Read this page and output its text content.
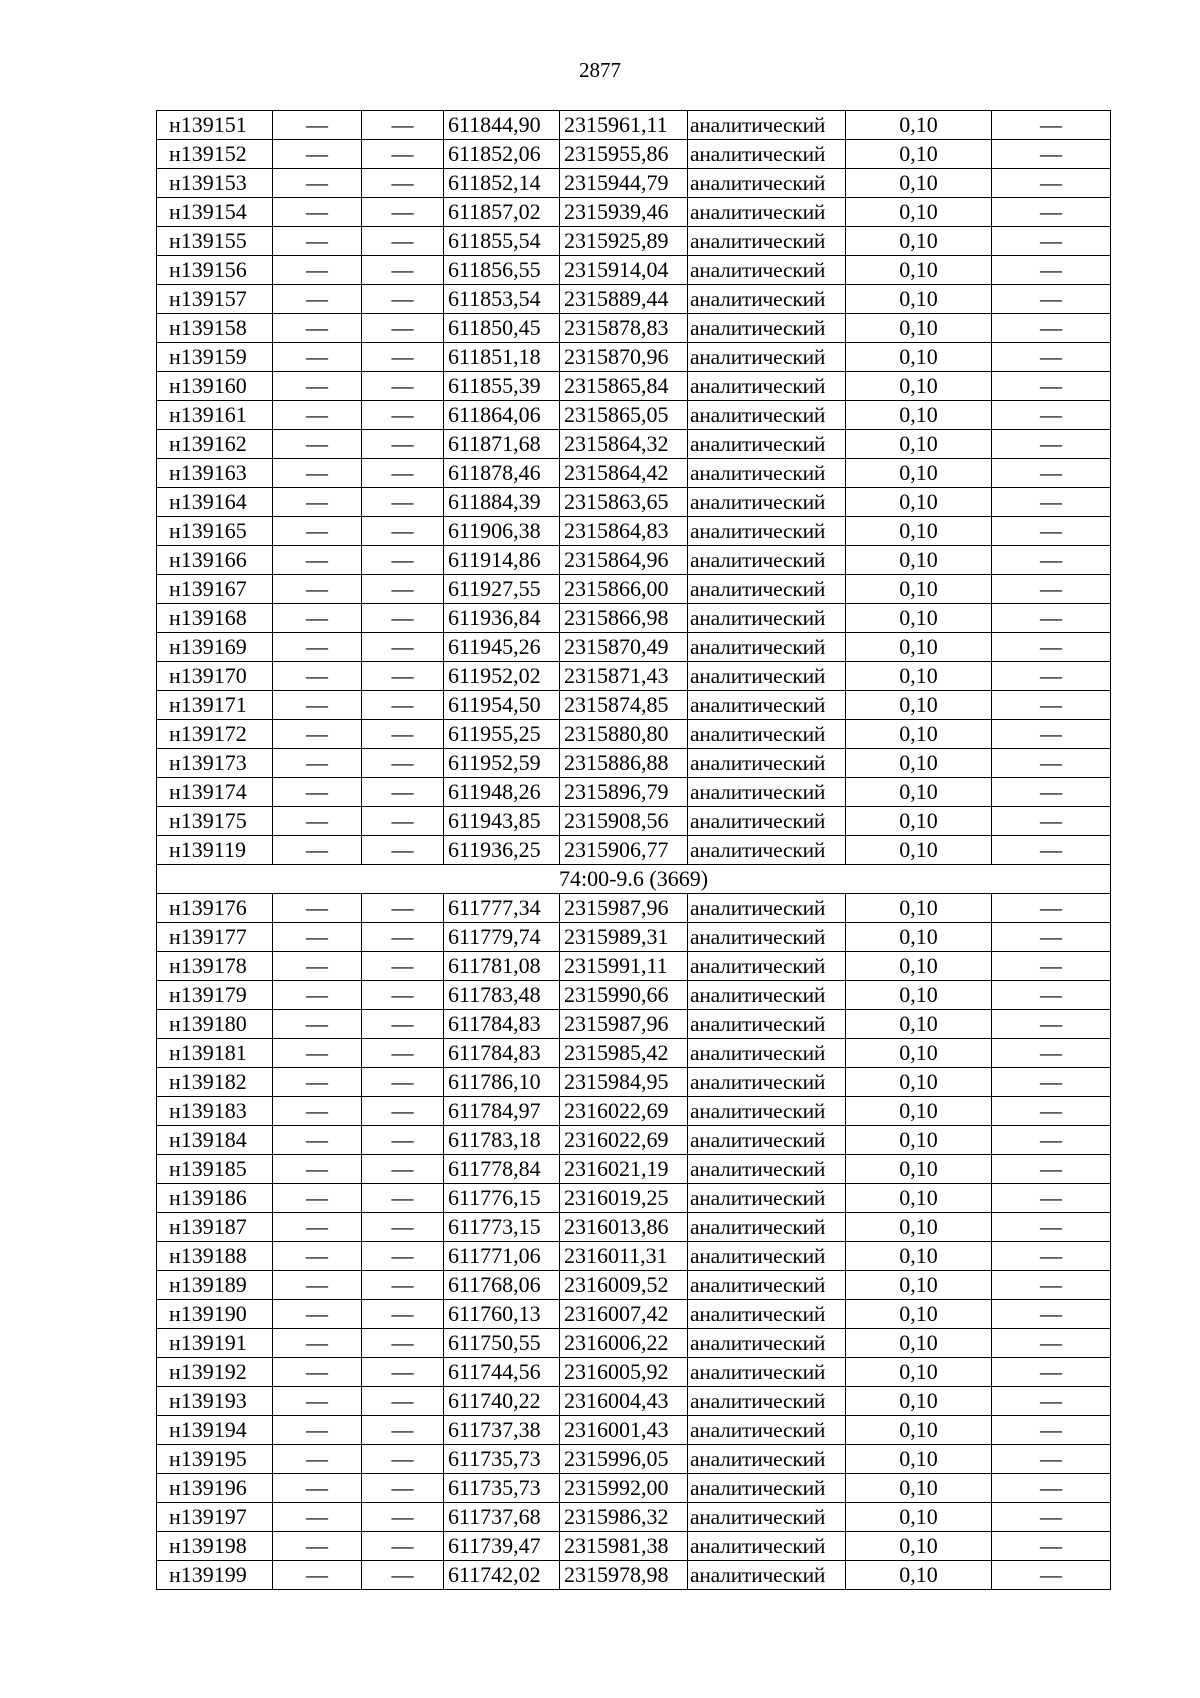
2877
н139151	—	—	611844,90	2315961,11	аналитический	0,10	—
н139152	—	—	611852,06	2315955,86	аналитический	0,10	—
н139153	—	—	611852,14	2315944,79	аналитический	0,10	—
н139154	—	—	611857,02	2315939,46	аналитический	0,10	—
н139155	—	—	611855,54	2315925,89	аналитический	0,10	—
н139156	—	—	611856,55	2315914,04	аналитический	0,10	—
н139157	—	—	611853,54	2315889,44	аналитический	0,10	—
н139158	—	—	611850,45	2315878,83	аналитический	0,10	—
н139159	—	—	611851,18	2315870,96	аналитический	0,10	—
н139160	—	—	611855,39	2315865,84	аналитический	0,10	—
н139161	—	—	611864,06	2315865,05	аналитический	0,10	—
н139162	—	—	611871,68	2315864,32	аналитический	0,10	—
н139163	—	—	611878,46	2315864,42	аналитический	0,10	—
н139164	—	—	611884,39	2315863,65	аналитический	0,10	—
н139165	—	—	611906,38	2315864,83	аналитический	0,10	—
н139166	—	—	611914,86	2315864,96	аналитический	0,10	—
н139167	—	—	611927,55	2315866,00	аналитический	0,10	—
н139168	—	—	611936,84	2315866,98	аналитический	0,10	—
н139169	—	—	611945,26	2315870,49	аналитический	0,10	—
н139170	—	—	611952,02	2315871,43	аналитический	0,10	—
н139171	—	—	611954,50	2315874,85	аналитический	0,10	—
н139172	—	—	611955,25	2315880,80	аналитический	0,10	—
н139173	—	—	611952,59	2315886,88	аналитический	0,10	—
н139174	—	—	611948,26	2315896,79	аналитический	0,10	—
н139175	—	—	611943,85	2315908,56	аналитический	0,10	—
н139119	—	—	611936,25	2315906,77	аналитический	0,10	—
74:00-9.6 (3669)							
н139176	—	—	611777,34	2315987,96	аналитический	0,10	—
н139177	—	—	611779,74	2315989,31	аналитический	0,10	—
н139178	—	—	611781,08	2315991,11	аналитический	0,10	—
н139179	—	—	611783,48	2315990,66	аналитический	0,10	—
н139180	—	—	611784,83	2315987,96	аналитический	0,10	—
н139181	—	—	611784,83	2315985,42	аналитический	0,10	—
н139182	—	—	611786,10	2315984,95	аналитический	0,10	—
н139183	—	—	611784,97	2316022,69	аналитический	0,10	—
н139184	—	—	611783,18	2316022,69	аналитический	0,10	—
н139185	—	—	611778,84	2316021,19	аналитический	0,10	—
н139186	—	—	611776,15	2316019,25	аналитический	0,10	—
н139187	—	—	611773,15	2316013,86	аналитический	0,10	—
н139188	—	—	611771,06	2316011,31	аналитический	0,10	—
н139189	—	—	611768,06	2316009,52	аналитический	0,10	—
н139190	—	—	611760,13	2316007,42	аналитический	0,10	—
н139191	—	—	611750,55	2316006,22	аналитический	0,10	—
н139192	—	—	611744,56	2316005,92	аналитический	0,10	—
н139193	—	—	611740,22	2316004,43	аналитический	0,10	—
н139194	—	—	611737,38	2316001,43	аналитический	0,10	—
н139195	—	—	611735,73	2315996,05	аналитический	0,10	—
н139196	—	—	611735,73	2315992,00	аналитический	0,10	—
н139197	—	—	611737,68	2315986,32	аналитический	0,10	—
н139198	—	—	611739,47	2315981,38	аналитический	0,10	—
н139199	—	—	611742,02	2315978,98	аналитический	0,10	—
